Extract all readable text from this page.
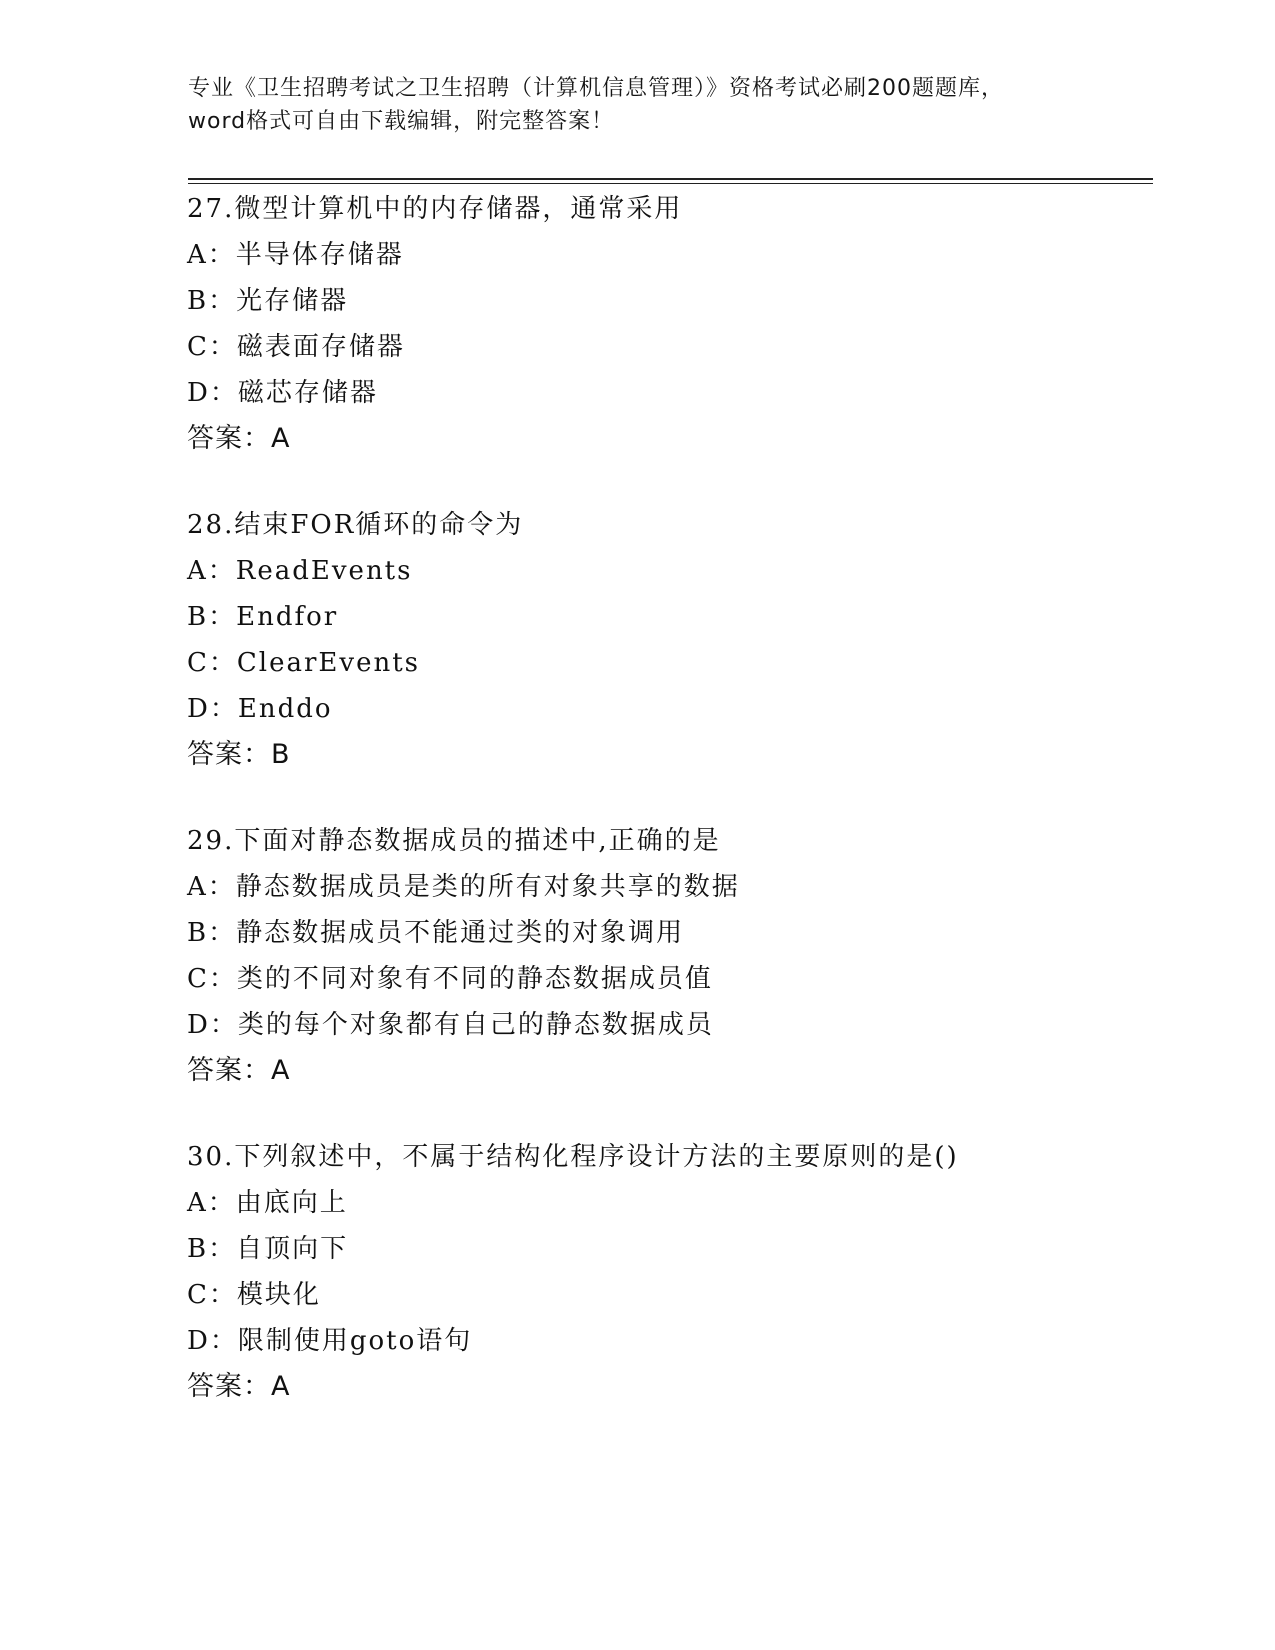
专业《卫生招聘考试之卫生招聘（计算机信息管理）》资格考试必刷200题题库，
word格式可自由下载编辑，附完整答案！
27.微型计算机中的内存储器，通常采用
A：半导体存储器
B：光存储器
C：磁表面存储器
D：磁芯存储器
答案：A
28.结束FOR循环的命令为
A：ReadEvents
B：Endfor
C：ClearEvents
D：Enddo
答案：B
29.下面对静态数据成员的描述中,正确的是
A：静态数据成员是类的所有对象共享的数据
B：静态数据成员不能通过类的对象调用
C：类的不同对象有不同的静态数据成员值
D：类的每个对象都有自己的静态数据成员
答案：A
30.下列叙述中，不属于结构化程序设计方法的主要原则的是()
A：由底向上
B：自顶向下
C：模块化
D：限制使用goto语句
答案：A
